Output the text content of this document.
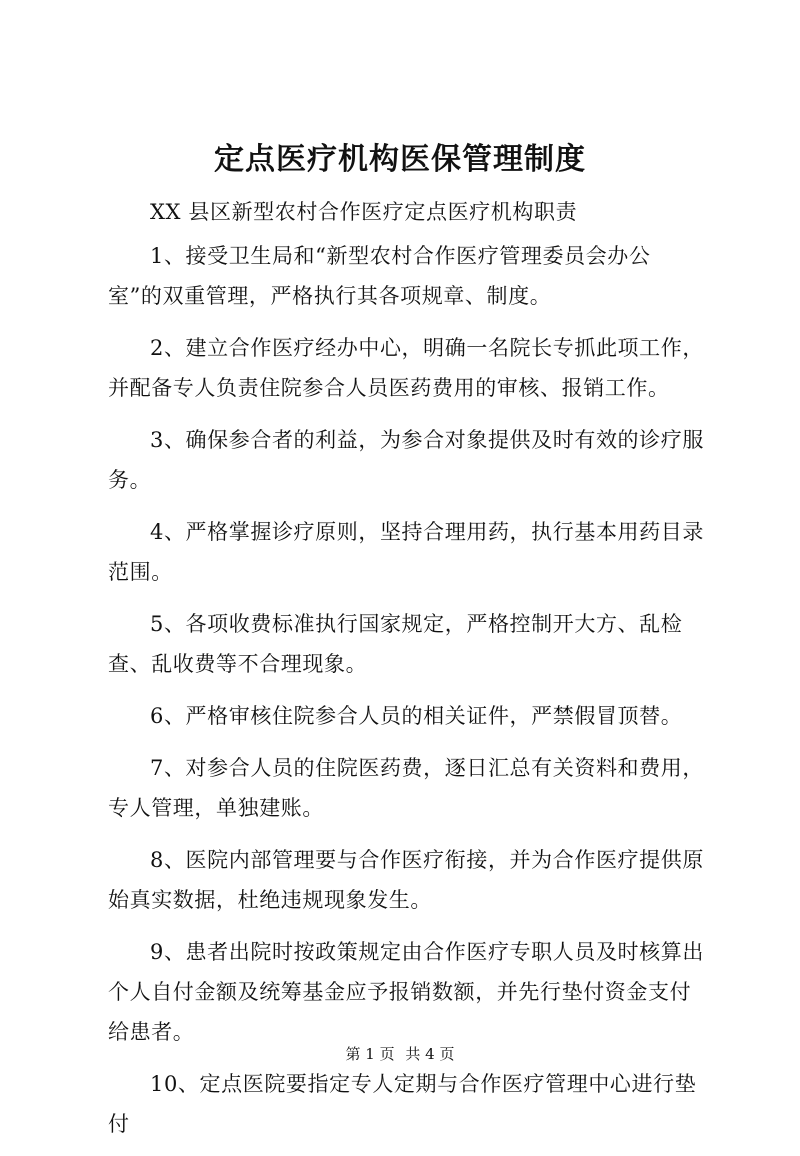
定点医疗机构医保管理制度

XX 县区新型农村合作医疗定点医疗机构职责

1、接受卫生局和“新型农村合作医疗管理委员会办公室”的双重管理，严格执行其各项规章、制度。

2、建立合作医疗经办中心，明确一名院长专抓此项工作，并配备专人负责住院参合人员医药费用的审核、报销工作。

3、确保参合者的利益，为参合对象提供及时有效的诊疗服务。

4、严格掌握诊疗原则，坚持合理用药，执行基本用药目录范围。

5、各项收费标准执行国家规定，严格控制开大方、乱检查、乱收费等不合理现象。

6、严格审核住院参合人员的相关证件，严禁假冒顶替。

7、对参合人员的住院医药费，逐日汇总有关资料和费用，专人管理，单独建账。

8、医院内部管理要与合作医疗衔接，并为合作医疗提供原始真实数据，杜绝违规现象发生。

9、患者出院时按政策规定由合作医疗专职人员及时核算出个人自付金额及统筹基金应予报销数额，并先行垫付资金支付给患者。

10、定点医院要指定专人定期与合作医疗管理中心进行垫付

第 1 页 共 4 页
